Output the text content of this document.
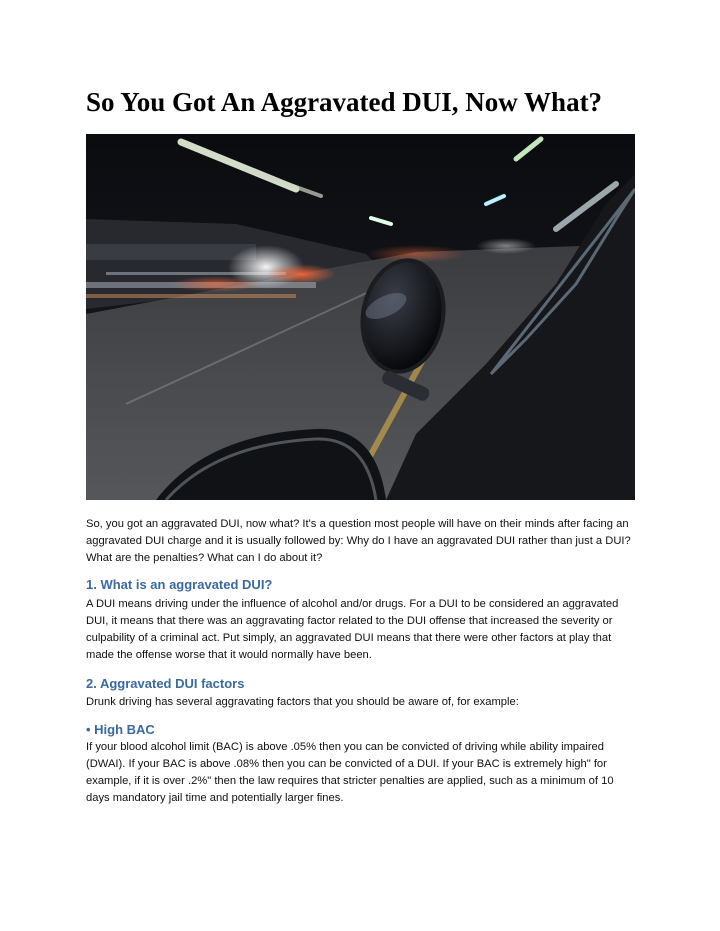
So You Got An Aggravated DUI, Now What?

So, you got an aggravated DUI, now what? It's a question most people will have on their minds after facing an aggravated DUI charge and it is usually followed by: Why do I have an aggravated DUI rather than just a DUI? What are the penalties? What can I do about it?

1. What is an aggravated DUI?

A DUI means driving under the influence of alcohol and/or drugs. For a DUI to be considered an aggravated DUI, it means that there was an aggravating factor related to the DUI offense that increased the severity or culpability of a criminal act. Put simply, an aggravated DUI means that there were other factors at play that made the offense worse that it would normally have been.

2. Aggravated DUI factors

Drunk driving has several aggravating factors that you should be aware of, for example:

• High BAC

If your blood alcohol limit (BAC) is above .05% then you can be convicted of driving while ability impaired (DWAI). If your BAC is above .08% then you can be convicted of a DUI. If your BAC is extremely high" for example, if it is over .2%" then the law requires that stricter penalties are applied, such as a minimum of 10 days mandatory jail time and potentially larger fines.
